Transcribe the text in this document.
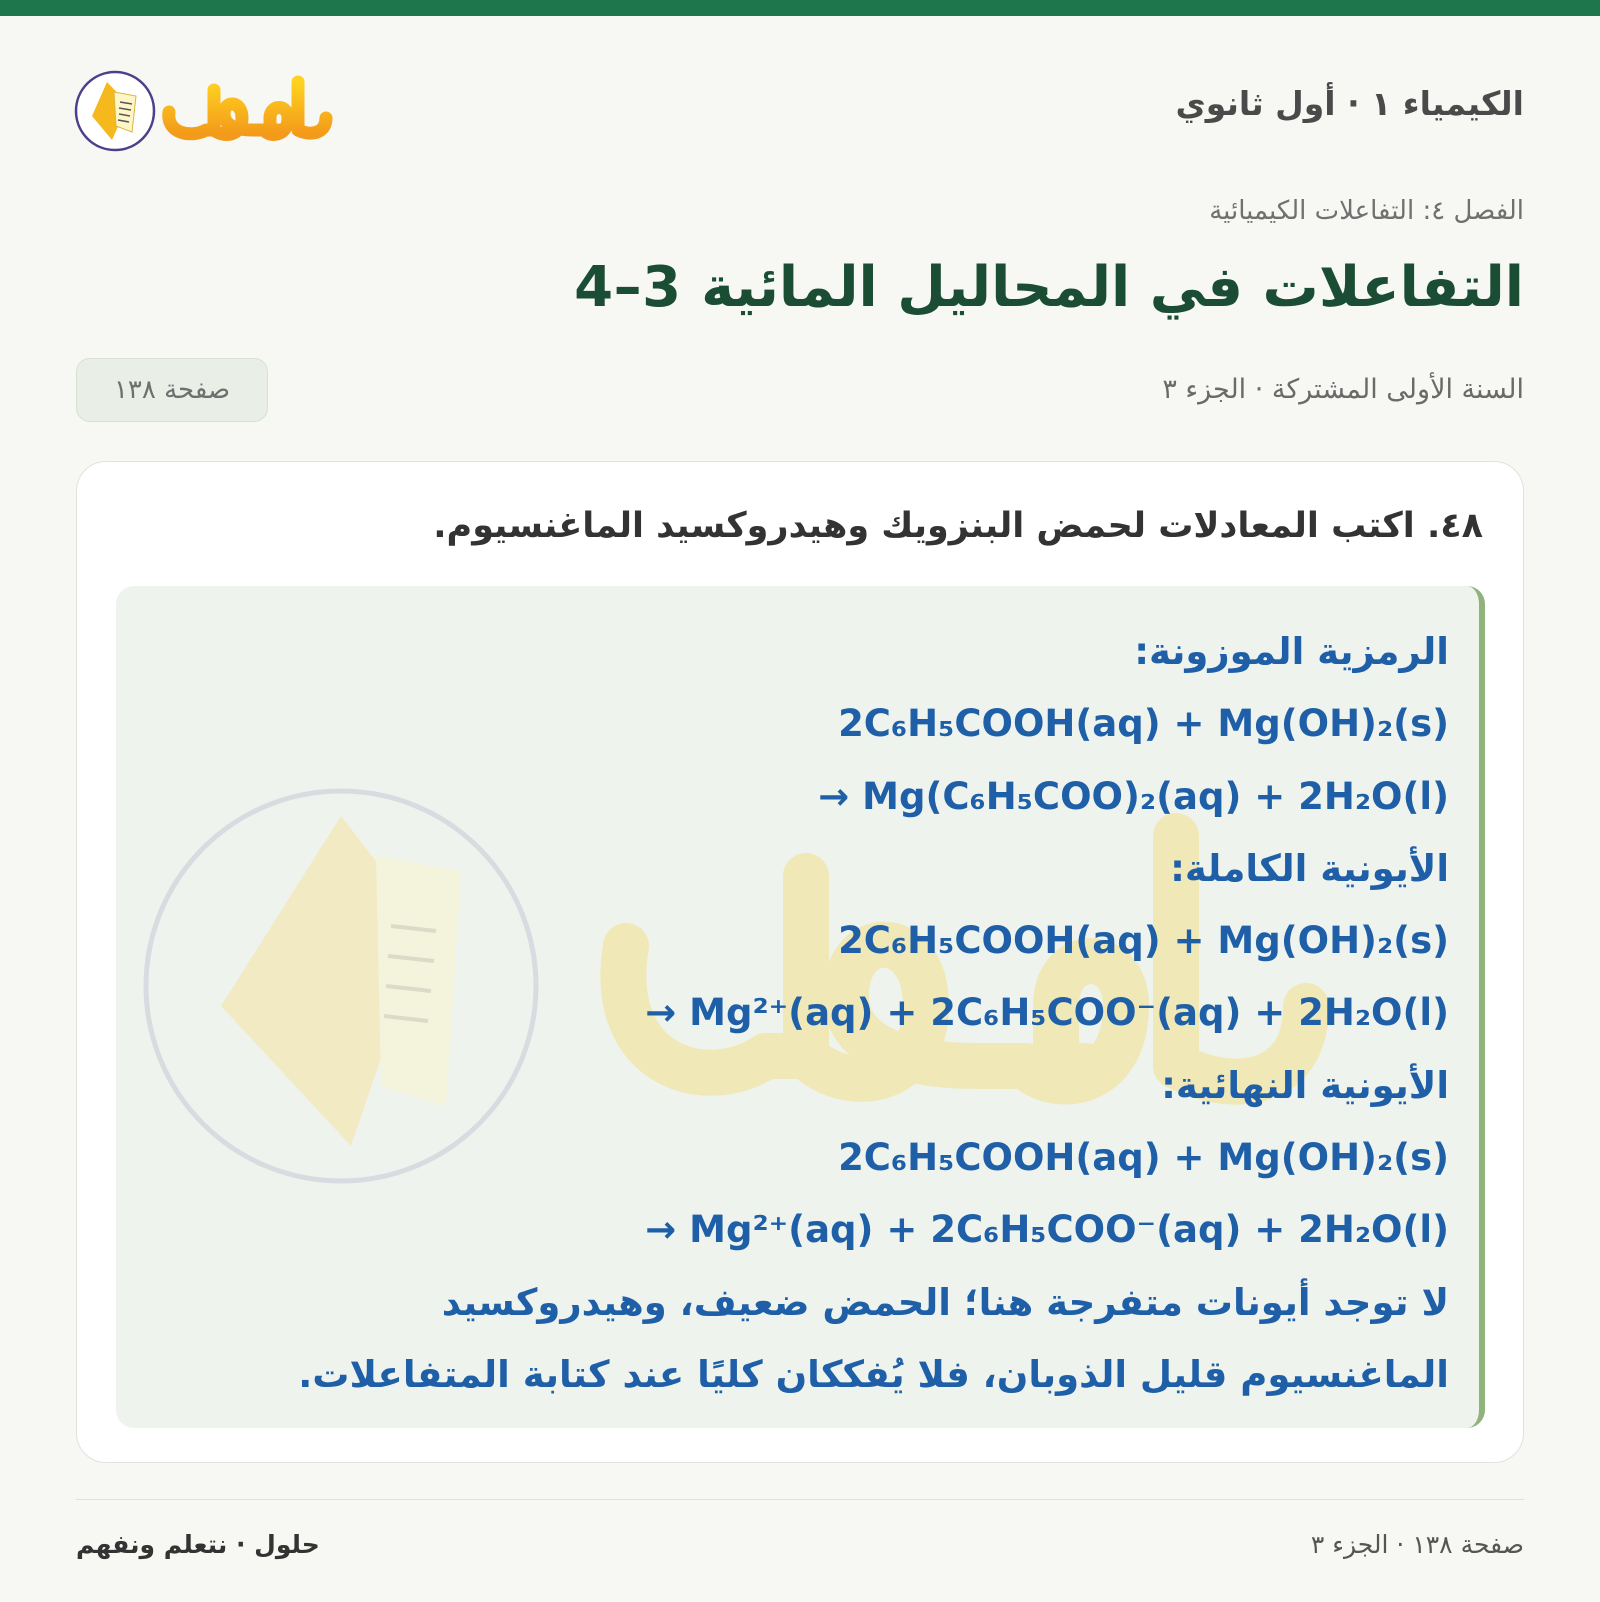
الكيمياء ١ · أول ثانوي
الفصل ٤: التفاعلات الكيميائية
التفاعلات في المحاليل المائية 4–3
السنة الأولى المشتركة · الجزء ٣
صفحة ١٣٨
٤٨. اكتب المعادلات لحمض البنزويك وهيدروكسيد الماغنسيوم.
الرمزية الموزونة:
2C₆H₅COOH(aq) + Mg(OH)₂(s)
→ Mg(C₆H₅COO)₂(aq) + 2H₂O(l)
الأيونية الكاملة:
2C₆H₅COOH(aq) + Mg(OH)₂(s)
→ Mg²⁺(aq) + 2C₆H₅COO⁻(aq) + 2H₂O(l)
الأيونية النهائية:
2C₆H₅COOH(aq) + Mg(OH)₂(s)
→ Mg²⁺(aq) + 2C₆H₅COO⁻(aq) + 2H₂O(l)
لا توجد أيونات متفرجة هنا؛ الحمض ضعيف، وهيدروكسيد
الماغنسيوم قليل الذوبان، فلا يُفككان كليًا عند كتابة المتفاعلات.
صفحة ١٣٨ · الجزء ٣
حلول · نتعلم ونفهم
